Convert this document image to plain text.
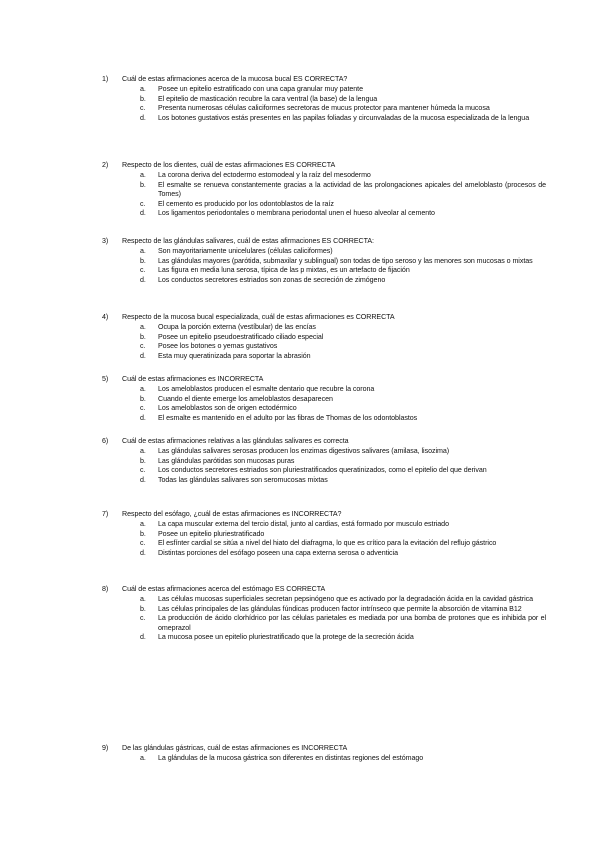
1)	Cuál de estas afirmaciones acerca de la mucosa bucal ES CORRECTA?
a.	Posee un epitelio estratificado con una capa granular muy patente
b.	El epitelio de masticación recubre la cara ventral (la base) de la lengua
c.	Presenta numerosas células caliciformes secretoras de mucus protector para mantener húmeda la mucosa
d.	Los botones gustativos estás presentes en las papilas foliadas y circunvaladas de la mucosa especializada de la lengua
2)	Respecto de los dientes, cuál de estas afirmaciones ES CORRECTA
a.	La corona deriva del ectodermo estomodeal y la raíz del mesodermo
b.	El esmalte se renueva constantemente gracias a la actividad de las prolongaciones apicales del ameloblasto (procesos de Tomes)
c.	El cemento es producido por los odontoblastos de la raíz
d.	Los ligamentos periodontales o membrana periodontal unen el hueso alveolar al cemento
3)	Respecto de las glándulas salivares, cuál de estas afirmaciones ES CORRECTA:
a.	Son mayoritariamente unicelulares (células caliciformes)
b.	Las glándulas mayores (parótida, submaxilar y sublingual) son todas de tipo seroso y las menores son mucosas o mixtas
c.	Las figura en media luna serosa, típica de las p mixtas, es un artefacto de fijación
d.	Los conductos secretores estriados son zonas de secreción de zimógeno
4)	Respecto de la mucosa bucal especializada, cuál de estas afirmaciones es CORRECTA
a.	Ocupa la porción externa (vestíbular) de las encías
b.	Posee un epitelio pseudoestratificado ciliado especial
c.	Posee los botones o yemas gustativos
d.	Esta muy queratinizada para soportar la abrasión
5)	Cuál de estas afirmaciones es INCORRECTA
a.	Los ameloblastos producen el esmalte dentario que recubre la corona
b.	Cuando el diente emerge los ameloblastos desaparecen
c.	Los ameloblastos son de origen ectodérmico
d.	El esmalte es mantenido en el adulto por las fibras de Thomas de los odontoblastos
6)	Cuál de estas afirmaciones relativas a las glándulas salivares es correcta
a.	Las glándulas salivares serosas producen los enzimas digestivos salivares (amilasa, lisozima)
b.	Las glándulas parótidas son mucosas puras
c.	Los conductos secretores estriados son pluriestratificados queratinizados, como el epitelio del que derivan
d.	Todas las glándulas salivares son seromucosas mixtas
7)	Respecto del esófago, ¿cuál de estas afirmaciones es INCORRECTA?
a.	La capa muscular externa del tercio distal, junto al cardias, está formado por musculo estriado
b.	Posee un epitelio pluriestratificado
c.	El esfínter cardial se sitúa a nivel del hiato del diafragma, lo que es crítico para la evitación del reflujo gástrico
d.	Distintas porciones del esófago poseen una capa externa serosa o adventicia
8)	Cuál de estas afirmaciones acerca del estómago ES CORRECTA
a.	Las células mucosas superficiales secretan pepsinógeno que es activado por la degradación ácida en la cavidad gástrica
b.	Las células principales de las glándulas fúndicas producen factor intrínseco que permite la absorción de vitamina B12
c.	La producción de ácido clorhídrico por las células parietales es mediada por una bomba de protones que es inhibida por el omeprazol
d.	La mucosa posee un epitelio pluriestratificado que la protege de la secreción ácida
9)	De las glándulas gástricas, cuál de estas afirmaciones es INCORRECTA
a.	La glándulas de la mucosa gástrica son diferentes en distintas regiones del estómago
